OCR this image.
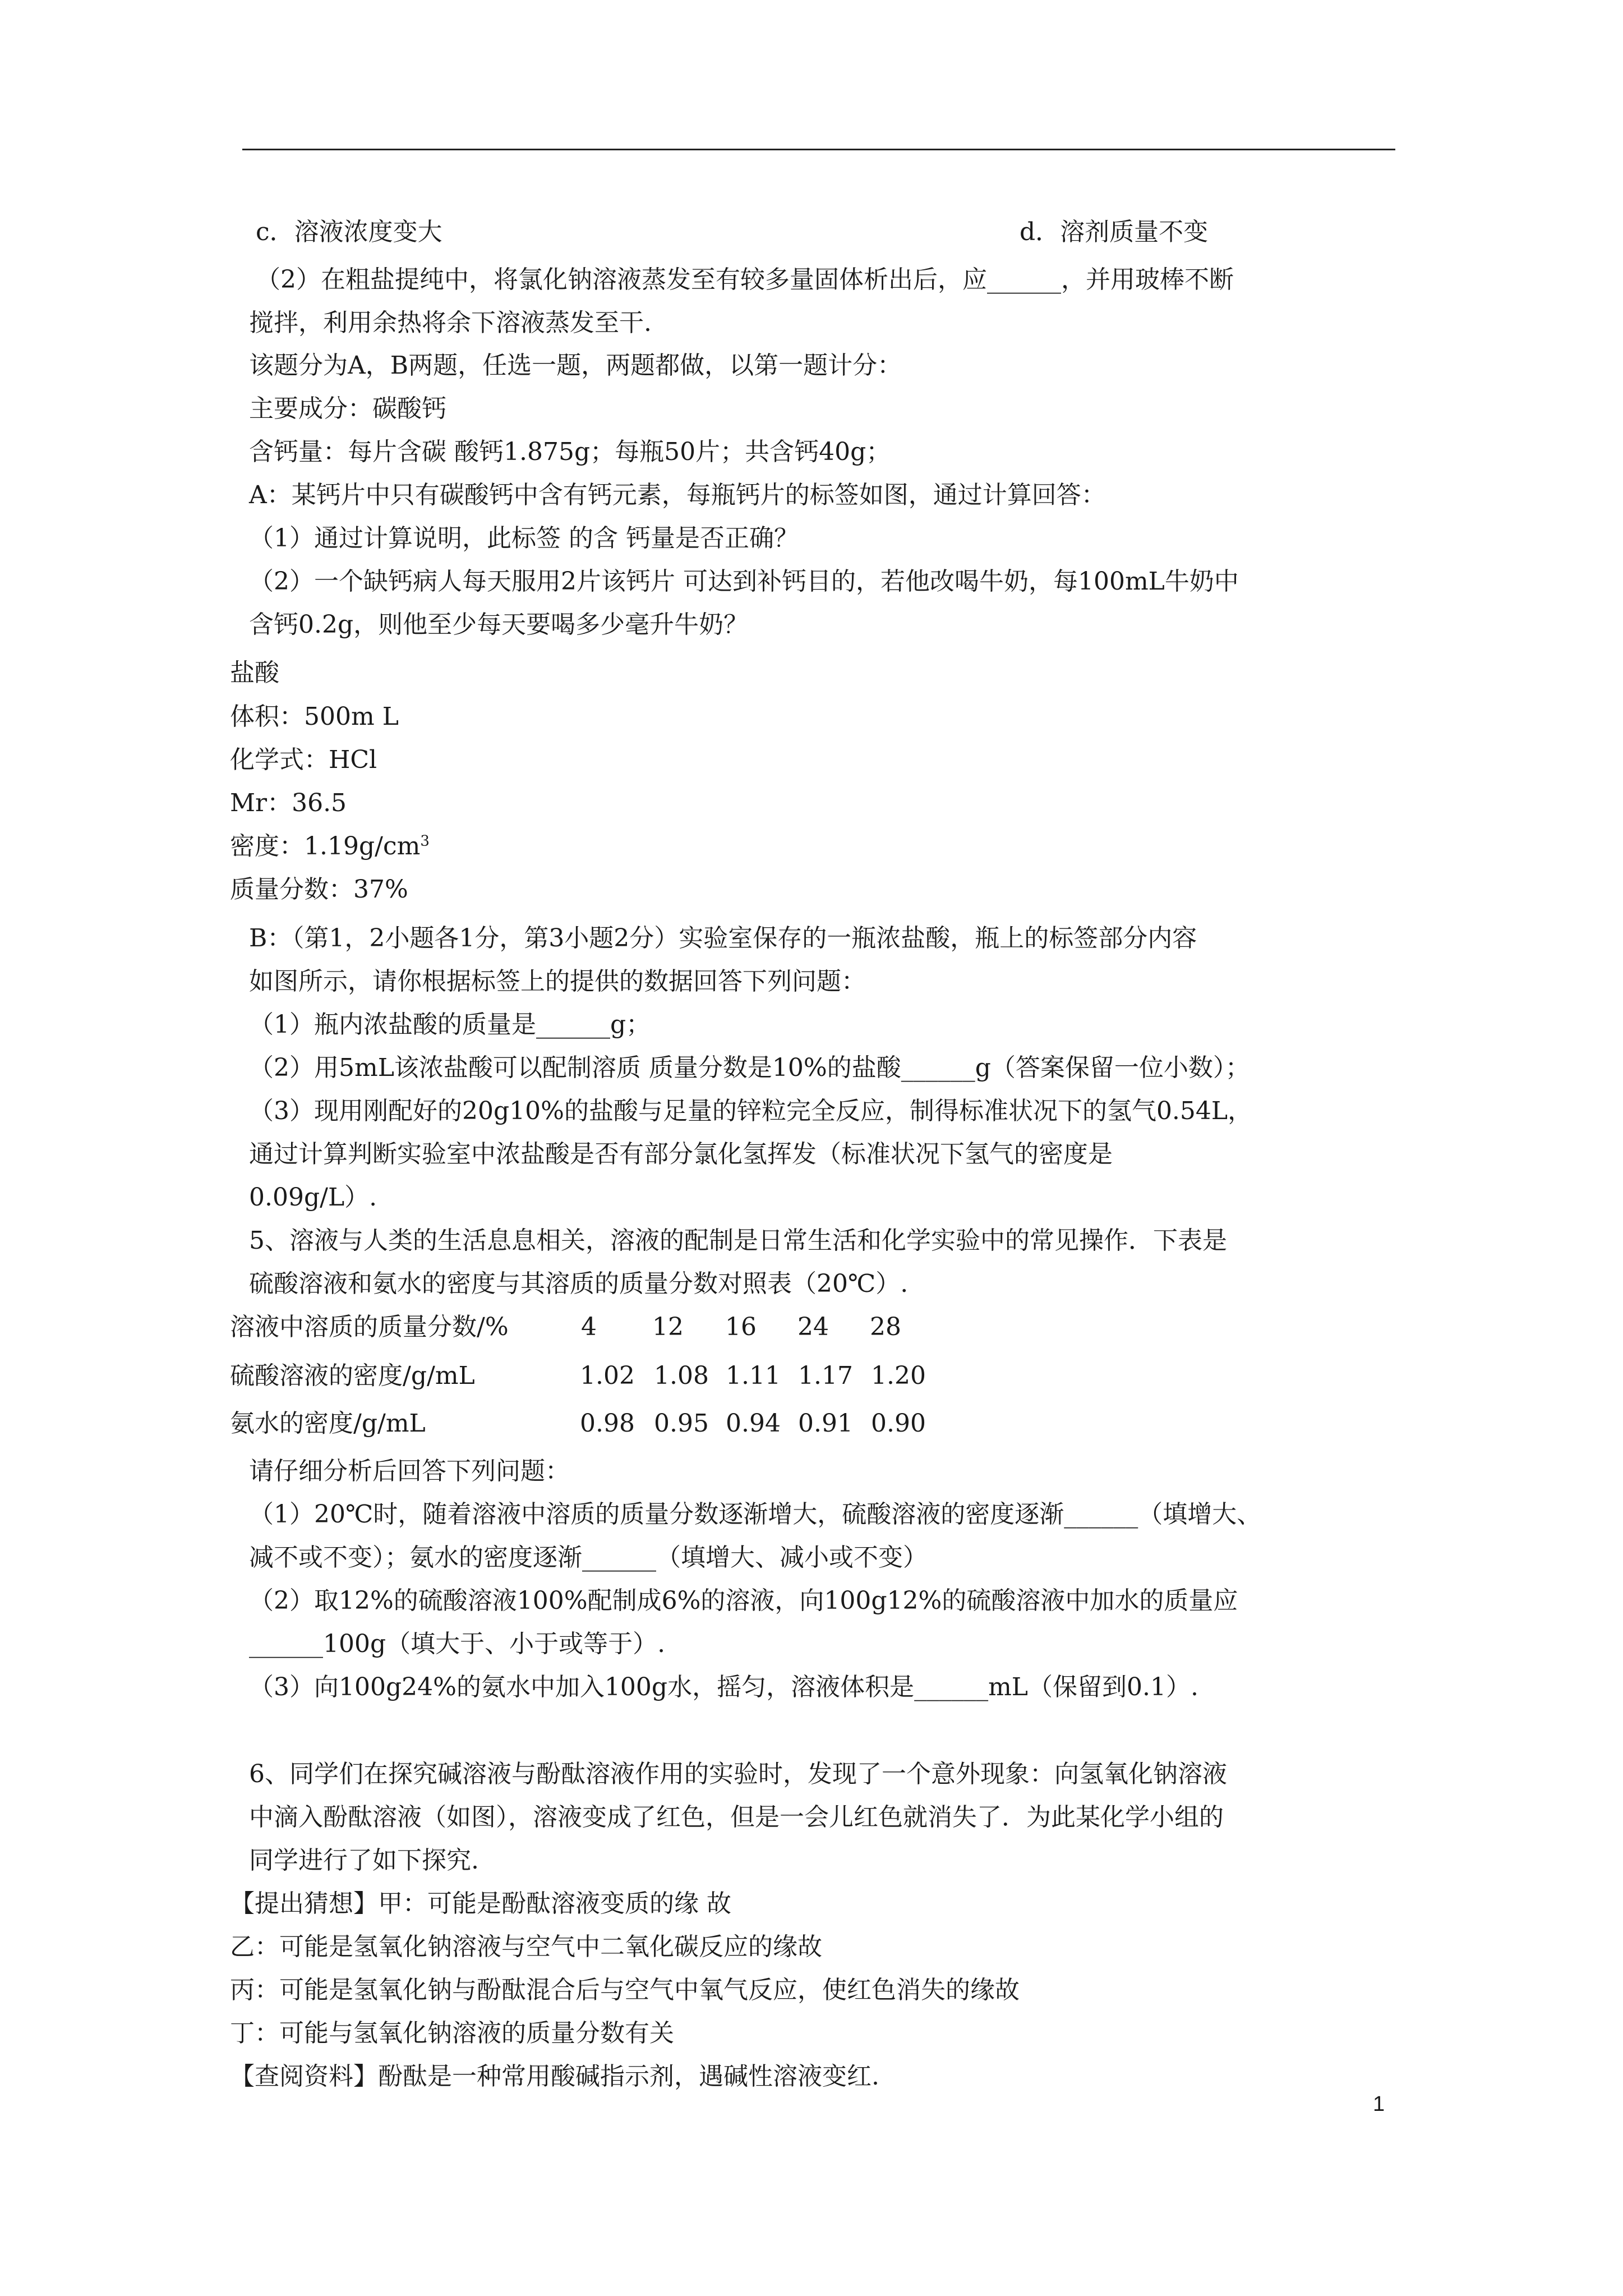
c．溶液浓度变大	d．溶剂质量不变
（2）在粗盐提纯中，将氯化钠溶液蒸发至有较多量固体析出后，应______，并用玻棒不断
搅拌，利用余热将余下溶液蒸发至干.
该题分为A，B两题，任选一题，两题都做，以第一题计分：
主要成分：碳酸钙
含钙量：每片含碳 酸钙1.875g；每瓶50片；共含钙40g；
A：某钙片中只有碳酸钙中含有钙元素，每瓶钙片的标签如图，通过计算回答：
（1）通过计算说明，此标签 的含 钙量是否正确？
（2）一个缺钙病人每天服用2片该钙片 可达到补钙目的，若他改喝牛奶，每100mL牛奶中
含钙0.2g，则他至少每天要喝多少毫升牛奶？
盐酸
体积：500m L
化学式：HCl
Mr：36.5
密度：$1.19g/cm^3$
质量分数：37%
B：（第1，2小题各1分，第3小题2分）实验室保存的一瓶浓盐酸，瓶上的标签部分内容
如图所示，请你根据标签上的提供的数据回答下列问题：
（1）瓶内浓盐酸的质量是______g；
（2）用5mL该浓盐酸可以配制溶质 质量分数是10%的盐酸______g（答案保留一位小数）；
（3）现用刚配好的20g10%的盐酸与足量的锌粒完全反应，制得标准状况下的氢气0.54L，
通过计算判断实验室中浓盐酸是否有部分氯化氢挥发（标准状况下氢气的密度是
0.09g/L）.
5、溶液与人类的生活息息相关，溶液的配制是日常生活和化学实验中的常见操作．下表是
硫酸溶液和氨水的密度与其溶质的质量分数对照表（20℃）.
溶液中溶质的质量分数/%	4 12 16 24 28
硫酸溶液的密度/g/mL	1.02 1.08 1.11 1.17 1.20
氨水的密度/g/mL	0.98 0.95 0.94 0.91 0.90
请仔细分析后回答下列问题：
（1）20℃时，随着溶液中溶质的质量分数逐渐增大，硫酸溶液的密度逐渐______（填增大、
减不或不变）；氨水的密度逐渐______（填增大、减小或不变）
（2）取12%的硫酸溶液100%配制成6%的溶液，向100g12%的硫酸溶液中加水的质量应
______100g（填大于、小于或等于）.
（3）向100g24%的氨水中加入100g水，摇匀，溶液体积是______mL（保留到0.1）.
6、同学们在探究碱溶液与酚酞溶液作用的实验时，发现了一个意外现象：向氢氧化钠溶液
中滴入酚酞溶液（如图），溶液变成了红色，但是一会儿红色就消失了．为此某化学小组的
同学进行了如下探究.
【提出猜想】甲：可能是酚酞溶液变质的缘 故
乙：可能是氢氧化钠溶液与空气中二氧化碳反应的缘故
丙：可能是氢氧化钠与酚酞混合后与空气中氧气反应，使红色消失的缘故
丁：可能与氢氧化钠溶液的质量分数有关
【查阅资料】酚酞是一种常用酸碱指示剂，遇碱性溶液变红.
1
